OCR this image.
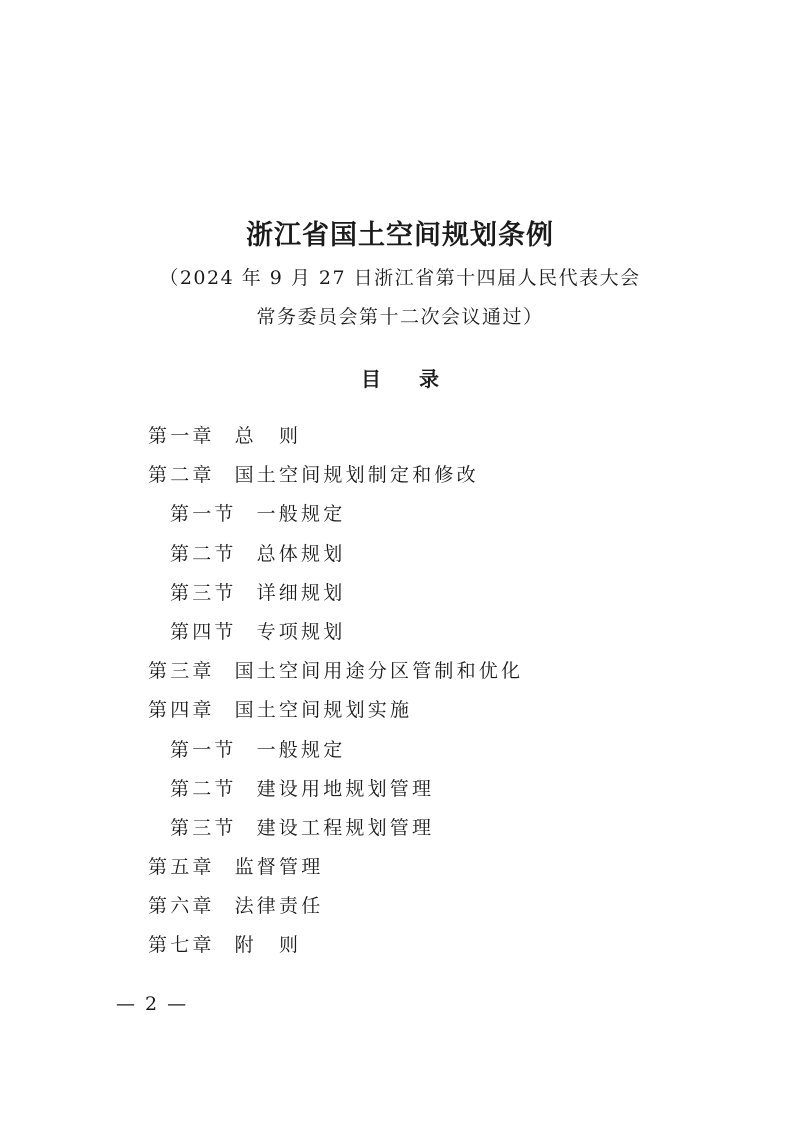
浙江省国土空间规划条例
（2024 年 9 月 27 日浙江省第十四届人民代表大会
常务委员会第十二次会议通过）
目 录
第一章 总　则
第二章 国土空间规划制定和修改
第一节 一般规定
第二节 总体规划
第三节 详细规划
第四节 专项规划
第三章 国土空间用途分区管制和优化
第四章 国土空间规划实施
第一节 一般规定
第二节 建设用地规划管理
第三节 建设工程规划管理
第五章 监督管理
第六章 法律责任
第七章 附　则
— 2 —
